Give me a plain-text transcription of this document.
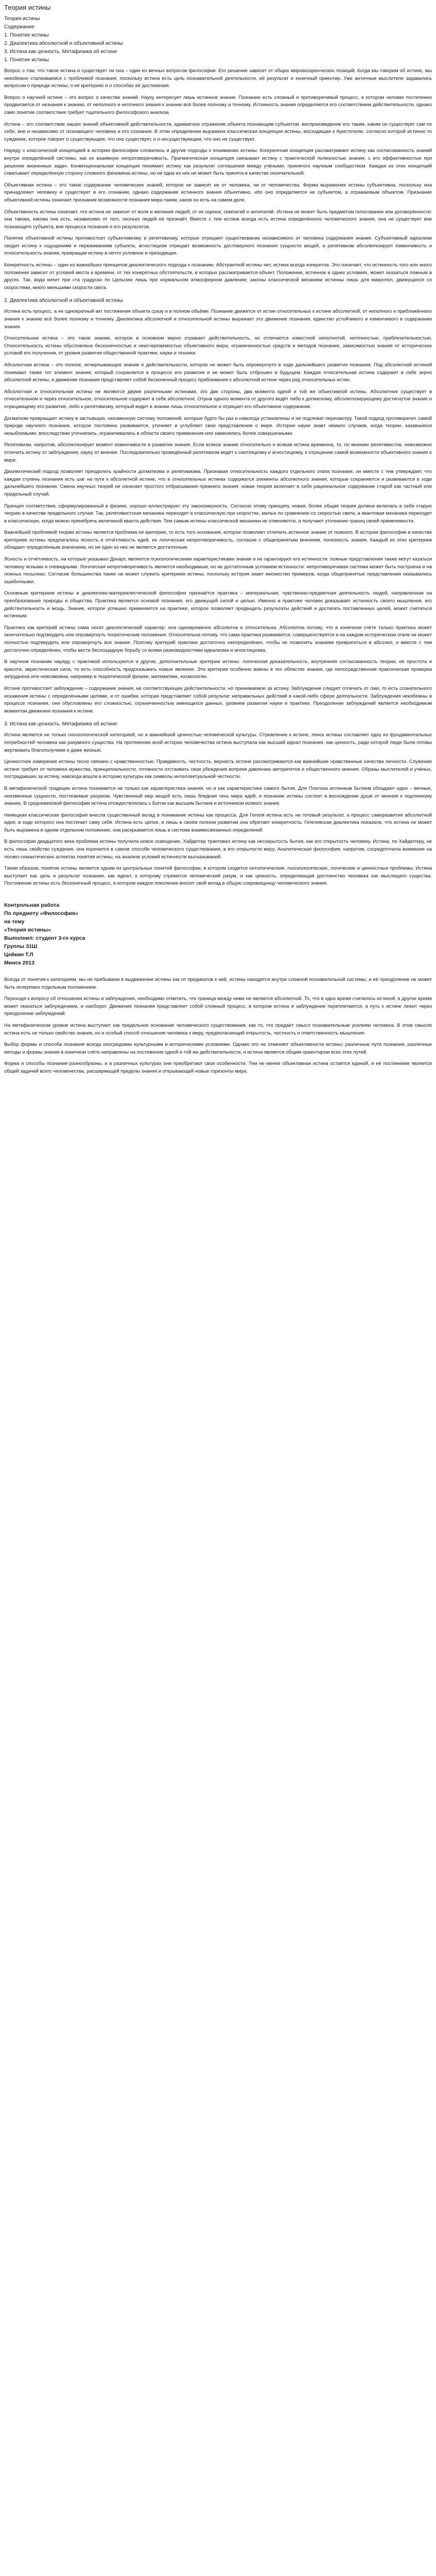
Теория истины
Теория истины
Содержание
1. Понятие истины
2. Диалектика абсолютной и объективной истины
3. Истина как ценность. Метафизика об истине
1. Понятие истины

Вопрос о том, что такое истина и существует ли она – один из вечных вопросов философии. Его решение зависит от общих мировоззренческих позиций. Когда мы говорим об истине, мы неизбежно сталкиваемся с проблемой познания, поскольку истина есть цель познавательной деятельности, её результат и конечный ориентир. Уже античные мыслители задавались вопросом о природе истины, о её критериях и о способах её достижения.

Вопрос о научной истине – это вопрос о качестве знаний. Науку интересует лишь истинное знание. Познание есть сложный и противоречивый процесс, в котором человек постепенно продвигается от незнания к знанию, от неполного и неточного знания к знанию всё более полному и точному. Истинность знания определяется его соответствием действительности, однако само понятие соответствия требует тщательного философского анализа.

Истина – это соответствие наших знаний объективной действительности, адекватное отражение объекта познающим субъектом, воспроизведение его таким, каким он существует сам по себе, вне и независимо от познающего человека и его сознания. В этом определении выражена классическая концепция истины, восходящая к Аристотелю, согласно которой истинно то суждение, которое говорит о существующем, что оно существует, и о несуществующем, что оно не существует.

Наряду с классической концепцией в истории философии сложились и другие подходы к пониманию истины. Когерентная концепция рассматривает истину как согласованность знаний внутри определённой системы, как их взаимную непротиворечивость. Прагматическая концепция связывает истину с практической полезностью знания, с его эффективностью при решении жизненных задач. Конвенциональная концепция понимает истину как результат соглашения между учёными, принятого научным сообществом. Каждая из этих концепций схватывает определённую сторону сложного феномена истины, но ни одна из них не может быть принята в качестве окончательной.

Объективная истина – это такое содержание человеческих знаний, которое не зависит ни от человека, ни от человечества. Форма выражения истины субъективна, поскольку она принадлежит человеку и существует в его сознании, однако содержание истинного знания объективно, ибо оно определяется не субъектом, а отражаемым объектом. Признание объективной истины означает признание возможности познания мира таким, каков он есть на самом деле.

Объективность истины означает, что истина не зависит от воли и желания людей, от их оценок, симпатий и антипатий. Истина не может быть предметом голосования или договорённости: она такова, какова она есть, независимо от того, сколько людей её признаёт. Вместе с тем истина всегда есть истина определённого человеческого знания, она не существует вне познающего субъекта, вне процесса познания и его результатов.

Понятие объективной истины противостоит субъективизму и релятивизму, которые отрицают существование независимого от человека содержания знания. Субъективный идеализм сводит истину к ощущениям и переживаниям субъекта, агностицизм отрицает возможность достоверного познания сущности вещей, а релятивизм абсолютизирует изменчивость и относительность знания, превращая истину в нечто условное и преходящее.

Конкретность истины – один из важнейших принципов диалектического подхода к познанию. Абстрактной истины нет, истина всегда конкретна. Это означает, что истинность того или иного положения зависит от условий места и времени, от тех конкретных обстоятельств, в которых рассматривается объект. Положение, истинное в одних условиях, может оказаться ложным в других. Так, вода кипит при ста градусах по Цельсию лишь при нормальном атмосферном давлении; законы классической механики истинны лишь для макротел, движущихся со скоростями, много меньшими скорости света.

2. Диалектика абсолютной и объективной истины

Истина есть процесс, а не однократный акт постижения объекта сразу и в полном объёме. Познание движется от истин относительных к истине абсолютной, от неполного и приближённого знания к знанию всё более полному и точному. Диалектика абсолютной и относительной истины выражает это движение познания, единство устойчивого и изменчивого в содержании знания.

Относительная истина – это такое знание, которое в основном верно отражает действительность, но отличается известной неполнотой, неточностью, приблизительностью. Относительность истины обусловлена бесконечностью и неисчерпаемостью объективного мира, ограниченностью средств и методов познания, зависимостью знания от исторических условий его получения, от уровня развития общественной практики, науки и техники.

Абсолютная истина – это полное, исчерпывающее знание о действительности, которое не может быть опровергнуто в ходе дальнейшего развития познания. Под абсолютной истиной понимают также тот элемент знания, который сохраняется в процессе его развития и не может быть отброшен в будущем. Каждая относительная истина содержит в себе зерно абсолютной истины, и движение познания представляет собой бесконечный процесс приближения к абсолютной истине через ряд относительных истин.

Абсолютная и относительная истины не являются двумя различными истинами, это две стороны, два момента одной и той же объективной истины. Абсолютное существует в относительном и через относительное, относительное содержит в себе абсолютное. Отрыв одного момента от другого ведёт либо к догматизму, абсолютизирующему достигнутое знание и отрицающему его развитие, либо к релятивизму, который видит в знании лишь относительное и отрицает его объективное содержание.

Догматизм превращает истину в застывшую, неизменную систему положений, которые будто бы раз и навсегда установлены и не подлежат пересмотру. Такой подход противоречит самой природе научного познания, которое постоянно развивается, уточняет и углубляет свои представления о мире. История науки знает немало случаев, когда теории, казавшиеся незыблемыми, впоследствии уточнялись, ограничивались в области своего применения или заменялись более совершенными.

Релятивизм, напротив, абсолютизирует момент изменчивости в развитии знания. Если всякое знание относительно и всякая истина временна, то, по мнению релятивистов, невозможно отличить истину от заблуждения, науку от мнения. Последовательно проведённый релятивизм ведёт к скептицизму и агностицизму, к отрицанию самой возможности объективного знания о мире.

Диалектический подход позволяет преодолеть крайности догматизма и релятивизма. Признавая относительность каждого отдельного этапа познания, он вместе с тем утверждает, что каждая ступень познания есть шаг на пути к абсолютной истине, что в относительных истинах содержатся элементы абсолютного знания, которые сохраняются и развиваются в ходе дальнейшего познания. Смена научных теорий не означает простого отбрасывания прежнего знания: новая теория включает в себя рациональное содержание старой как частный или предельный случай.

Принцип соответствия, сформулированный в физике, хорошо иллюстрирует эту закономерность. Согласно этому принципу, новая, более общая теория должна включать в себя старую теорию в качестве предельного случая. Так, релятивистская механика переходит в классическую при скоростях, малых по сравнению со скоростью света, а квантовая механика переходит в классическую, когда можно пренебречь величиной кванта действия. Тем самым истины классической механики не отменяются, а получают уточнение границ своей применимости.

Важнейшей проблемой теории истины является проблема её критерия, то есть того основания, которое позволяет отличить истинное знание от ложного. В истории философии в качестве критериев истины предлагались ясность и отчётливость идей, их логическая непротиворечивость, согласие с общепринятым мнением, полезность знания. Каждый из этих критериев обладает определённым значением, но ни один из них не является достаточным.

Ясность и отчётливость, на которые указывал Декарт, являются психологическими характеристиками знания и не гарантируют его истинности: ложные представления также могут казаться человеку ясными и очевидными. Логическая непротиворечивость является необходимым, но не достаточным условием истинности: непротиворечивая система может быть построена и на ложных посылках. Согласие большинства также не может служить критерием истины, поскольку история знает множество примеров, когда общепринятые представления оказывались ошибочными.

Основным критерием истины в диалектико-материалистической философии признаётся практика – материальная, чувственно-предметная деятельность людей, направленная на преобразование природы и общества. Практика является основой познания, его движущей силой и целью. Именно в практике человек доказывает истинность своего мышления, его действительность и мощь. Знание, которое успешно применяется на практике, которое позволяет предвидеть результаты действий и достигать поставленных целей, может считаться истинным.

Практика как критерий истины сама носит диалектический характер: она одновременно абсолютна и относительна. Абсолютна потому, что в конечном счёте только практика может окончательно подтвердить или опровергнуть теоретические положения. Относительна потому, что сама практика развивается, совершенствуется и на каждом историческом этапе не может полностью подтвердить или опровергнуть все знания. Поэтому критерий практики достаточно неопределёнен, чтобы не позволять знаниям превратиться в абсолют, и вместе с тем достаточно определёнен, чтобы вести беспощадную борьбу со всеми разновидностями идеализма и агностицизма.

В научном познании наряду с практикой используются и другие, дополнительные критерии истины: логическая доказательность, внутренняя согласованность теории, её простота и красота, эвристическая сила, то есть способность предсказывать новые явления. Эти критерии особенно важны в тех областях знания, где непосредственная практическая проверка затруднена или невозможна, например в теоретической физике, математике, космологии.

Истине противостоит заблуждение – содержание знания, не соответствующее действительности, но принимаемое за истину. Заблуждение следует отличать от лжи, то есть сознательного искажения истины с определёнными целями, и от ошибки, которая представляет собой результат неправильных действий в какой-либо сфере деятельности. Заблуждения неизбежны в процессе познания, они обусловлены его сложностью, ограниченностью имеющихся данных, уровнем развития науки и практики. Преодоление заблуждений является необходимым моментом движения познания к истине.

3. Истина как ценность. Метафизика об истине

Истина является не только гносеологической категорией, но и важнейшей ценностью человеческой культуры. Стремление к истине, поиск истины составляет одну из фундаментальных потребностей человека как разумного существа. На протяжении всей истории человечества истина выступала как высший идеал познания, как ценность, ради которой люди были готовы жертвовать благополучием и даже жизнью.

Ценностное измерение истины тесно связано с нравственностью. Правдивость, честность, верность истине рассматриваются как важнейшие нравственные качества личности. Служение истине требует от человека мужества, принципиальности, готовности отстаивать свои убеждения вопреки давлению авторитетов и общественного мнения. Образы мыслителей и учёных, пострадавших за истину, навсегда вошли в историю культуры как символы интеллектуальной честности.

В метафизической традиции истина понимается не только как характеристика знания, но и как характеристика самого бытия. Для Платона истинным бытием обладают идеи – вечные, неизменные сущности, постигаемые разумом. Чувственный мир вещей есть лишь бледная тень мира идей, и познание истины состоит в восхождении души от мнения к подлинному знанию. В средневековой философии истина отождествлялась с Богом как высшим бытием и источником всякого знания.

Немецкая классическая философия внесла существенный вклад в понимание истины как процесса. Для Гегеля истина есть не готовый результат, а процесс саморазвития абсолютной идеи, в ходе которого она постигает саму себя. Истина есть целое, и лишь в своём полном развитии она обретает конкретность. Гегелевская диалектика показала, что истина не может быть выражена в одном отдельном положении, она раскрывается лишь в системе взаимосвязанных определений.

В философии двадцатого века проблема истины получила новое освещение. Хайдеггер трактовал истину как несокрытость бытия, как его открытость человеку. Истина, по Хайдеггеру, не есть лишь свойство суждения, она коренится в самом способе человеческого существования, в его открытости миру. Аналитическая философия, напротив, сосредоточила внимание на логико-семантических аспектах понятия истины, на анализе условий истинности высказываний.

Таким образом, понятие истины является одним из центральных понятий философии, в котором сходятся онтологические, гносеологические, логические и ценностные проблемы. Истина выступает как цель и результат познания, как идеал, к которому стремится человеческий разум, и как ценность, определяющая достоинство человека как мыслящего существа. Постижение истины есть бесконечный процесс, в котором каждое поколение вносит свой вклад в общую сокровищницу человеческого знания.

Контрольная работа
По предмету «Философия»
на тему
«Теория истины»
Выполнил: студент 3-го курса
Группы 31Ш
Цейкин Т.Л
Минск 2013

Всегда от понятия к категориям, мы не пребываем в выдвижении истины как от предикатов к ней, истины находятся внутри сложной познавательной системы, и её преодоление не может быть исчерпано отдельным положением.

Переходя к вопросу об отношении истины и заблуждения, необходимо отметить, что граница между ними не является абсолютной. То, что в одно время считалось истиной, в другое время может оказаться заблуждением, и наоборот. Движение познания представляет собой сложный процесс, в котором истина и заблуждение переплетаются, а путь к истине лежит через преодоление заблуждений.

На метафизическом уровне истина выступает как предельное основание человеческого существования, как то, что придаёт смысл познавательным усилиям человека. В этом смысле истина есть не только свойство знания, но и особый способ отношения человека к миру, предполагающий открытость, честность и ответственность мышления.

Выбор формы и способа познания всегда опосредован культурными и историческими условиями. Однако это не отменяет объективности истины: различные пути познания, различные методы и формы знания в конечном счёте направлены на постижение одной и той же действительности, и истина является общим ориентиром всех этих путей.

Форма и способы познания разнообразны, и в различных культурах они приобретают свои особенности. Тем не менее объективная истина остаётся единой, и её постижение является общей задачей всего человечества, расширяющей пределы знания и открывающей новые горизонты мира.
